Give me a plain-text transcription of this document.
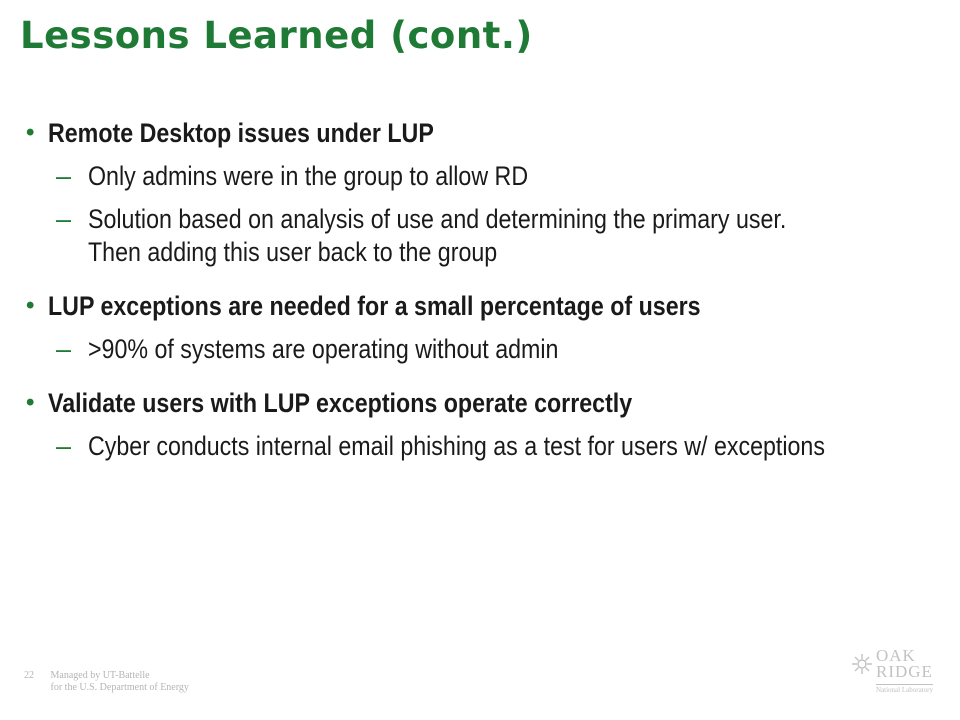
Lessons Learned (cont.)
• Remote Desktop issues under LUP
– Only admins were in the group to allow RD
– Solution based on analysis of use and determining the primary user. Then adding this user back to the group
• LUP exceptions are needed for a small percentage of users
– >90% of systems are operating without admin
• Validate users with LUP exceptions operate correctly
– Cyber conducts internal email phishing as a test for users w/ exceptions
22 Managed by UT-Battelle
for the U.S. Department of Energy
OAK
RIDGE
National Laboratory
